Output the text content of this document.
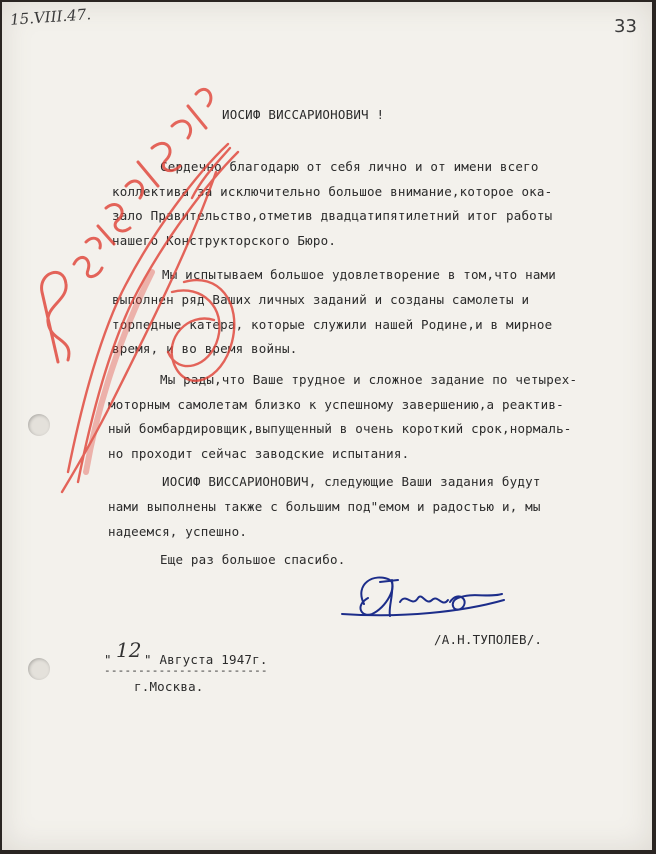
15.VIII.47.	33
ИОСИФ ВИССАРИОНОВИЧ !
Сердечно благодарю от себя лично и от имени всего
коллектива за исключительно большое внимание,которое ока-
зало Правительство,отметив двадцатипятилетний итог работы
нашего Конструкторского Бюро.
Мы испытываем большое удовлетворение в том,что нами
выполнен ряд Ваших личных заданий и созданы самолеты и
торпедные катера, которые служили нашей Родине,и в мирное
время, и во время войны.
Мы рады,что Ваше трудное и сложное задание по четырех-
моторным самолетам близко к успешному завершению,а реактив-
ный бомбардировщик,выпущенный в очень короткий срок,нормаль-
но проходит сейчас заводские испытания.
ИОСИФ ВИССАРИОНОВИЧ, следующие Ваши задания будут
нами выполнены также с большим под"емом и радостью и, мы
надеемся, успешно.
Еще раз большое спасибо.
/А.Н.ТУПОЛЕВ/.
" 12 " Августа 1947г.
------------------------
г.Москва.
